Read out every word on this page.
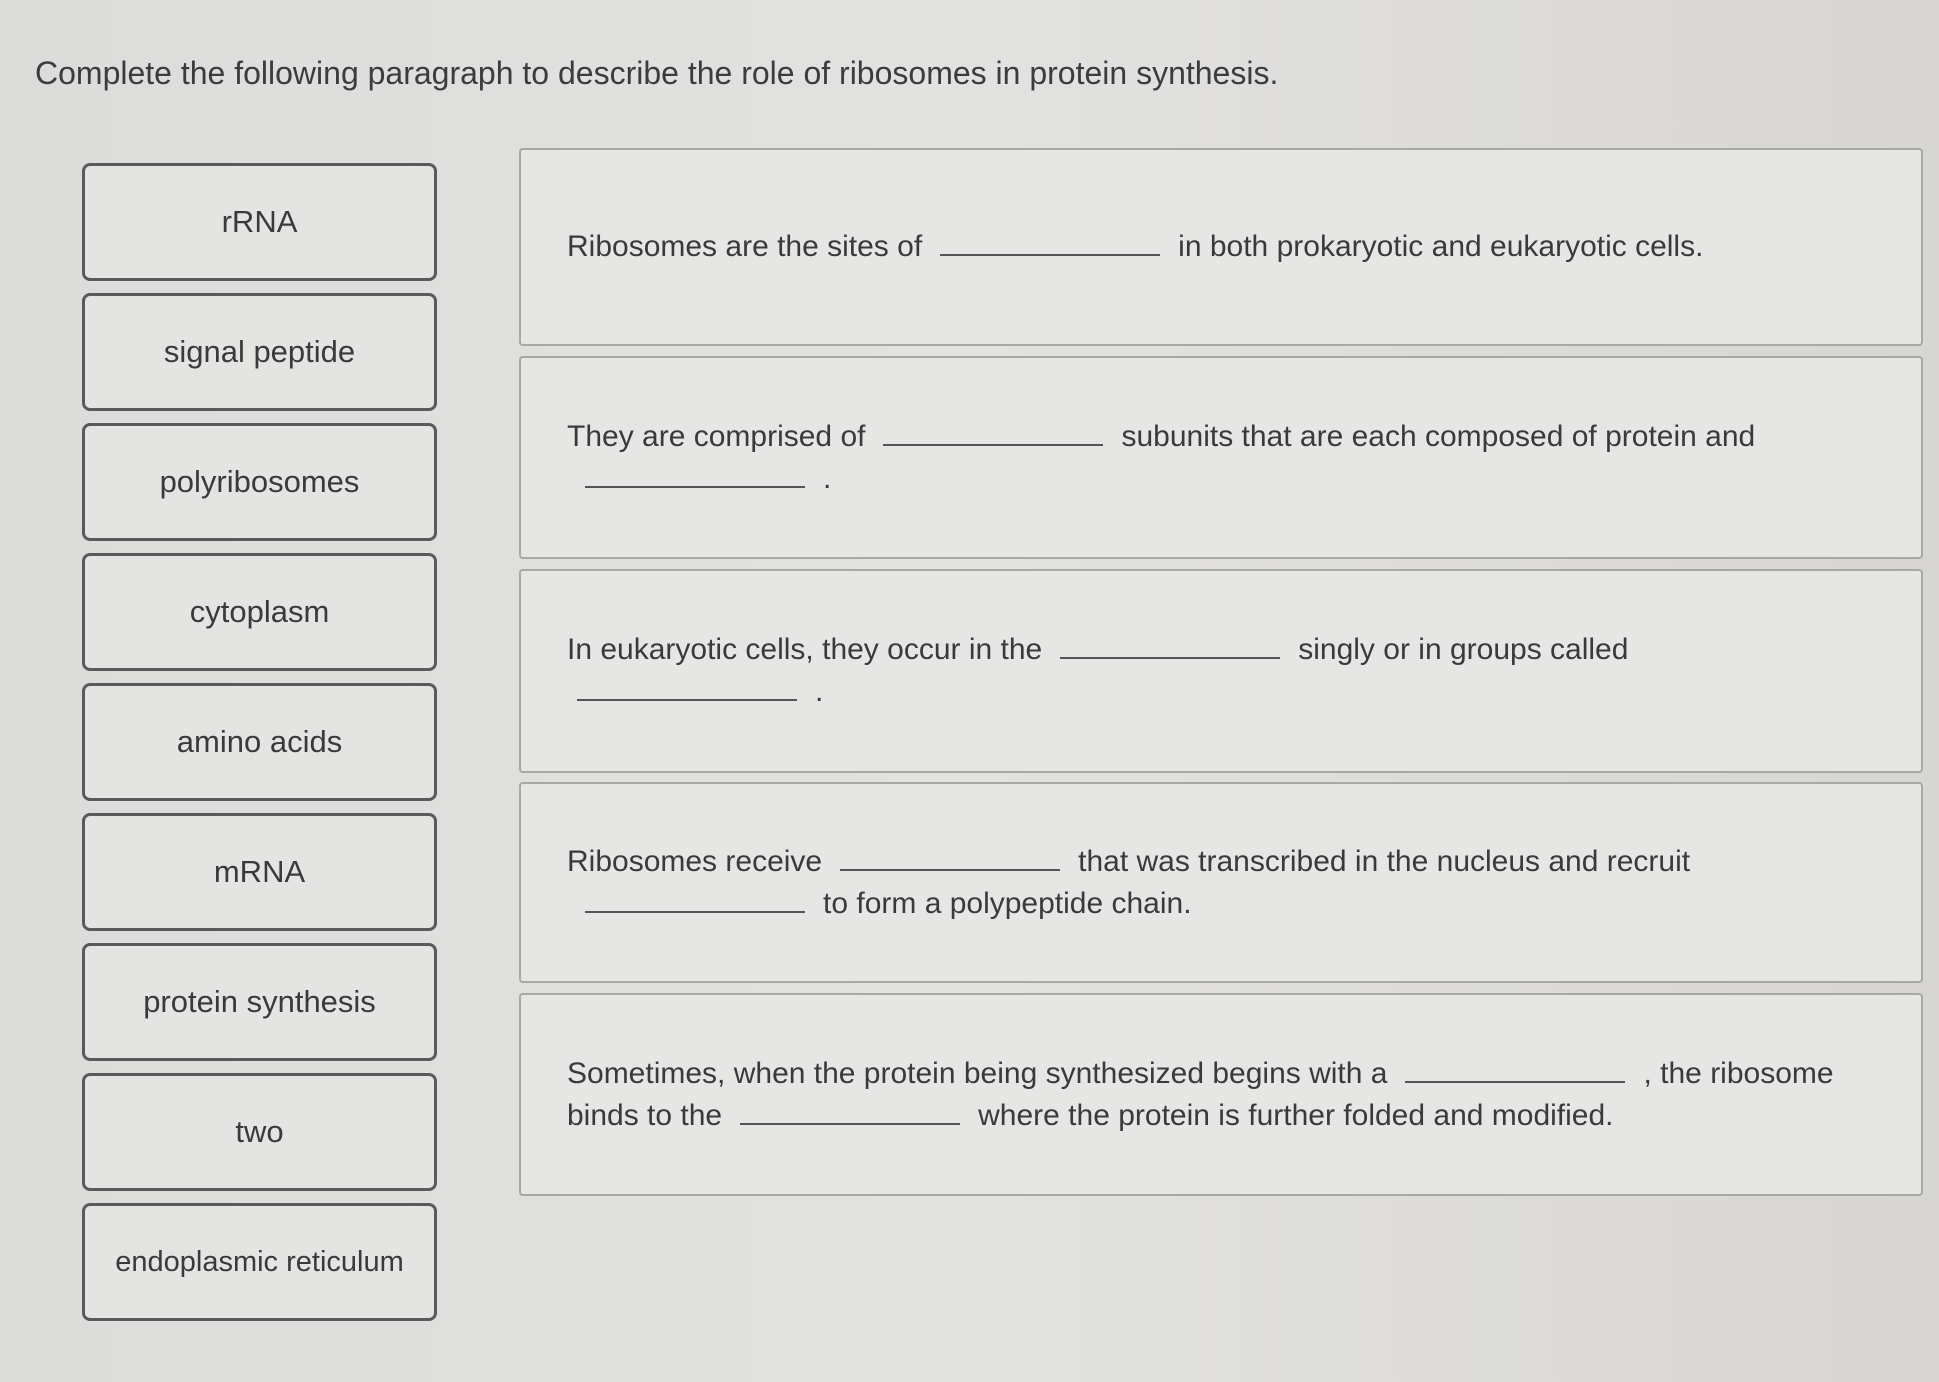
Complete the following paragraph to describe the role of ribosomes in protein synthesis.
rRNA
signal peptide
polyribosomes
cytoplasm
amino acids
mRNA
protein synthesis
two
endoplasmic reticulum
Ribosomes are the sites of	in both prokaryotic and eukaryotic cells.
They are comprised of	subunits that are each composed of protein and.
In eukaryotic cells, they occur in the	singly or in groups called
.
Ribosomes receive	that was transcribed in the nucleus and recruitto form a polypeptide chain.
Sometimes, when the protein being synthesized begins with a	, the ribosome binds to the	where the protein is further folded and modified.
